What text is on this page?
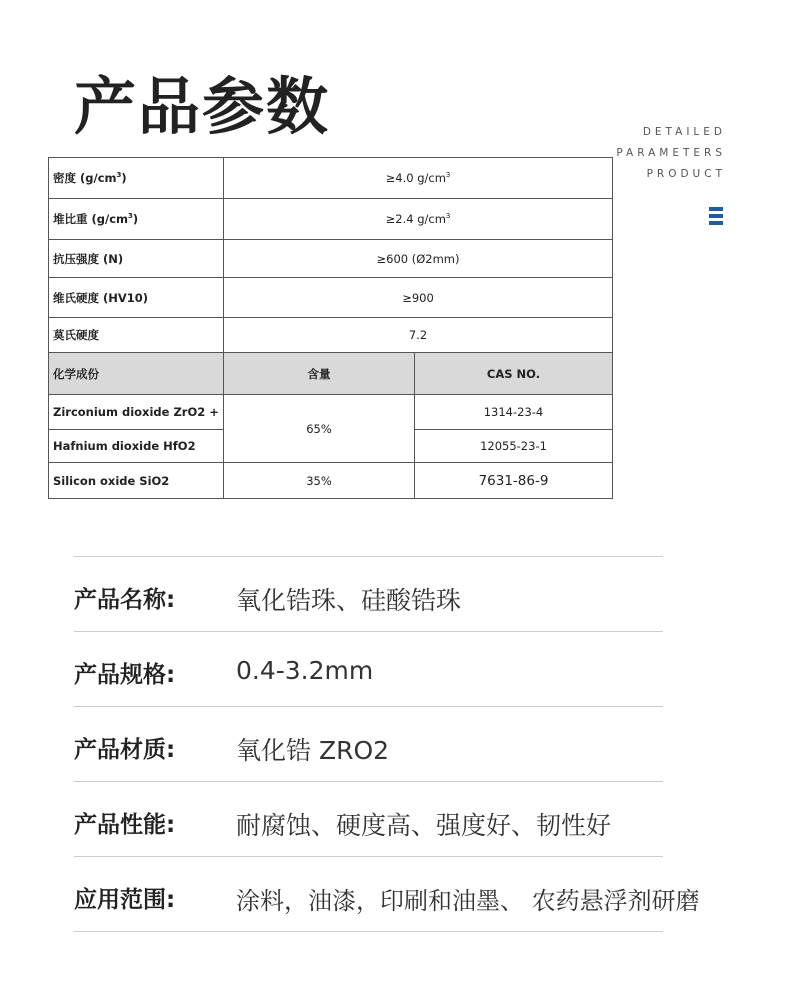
产品参数	DETAILED
PARAMETERS
PRODUCT
密度 $(g/cm^3)$	≥4.0 $g/cm^3$
堆比重 $(g/cm^3)$	≥2.4 $g/cm^3$
抗压强度 (N)	≥600 (Ø2mm)	
维氏硬度 (HV10)	≥900	
莫氏硬度	7.2	
化学成份	含量	CAS NO.
Zirconium dioxide ZrO2 +	65%	1314-23-4
Hafnium dioxide HfO2		12055-23-1
Silicon oxide SiO2	35%	7631-86-9
产品名称: 氧化锆珠、硅酸锆珠
产品规格: 0.4-3.2mm
产品材质: 氧化锆 ZRO2
产品性能: 耐腐蚀、硬度高、强度好、韧性好
应用范围:	涂料，油漆，印刷和油墨、 农药悬浮剂研磨
